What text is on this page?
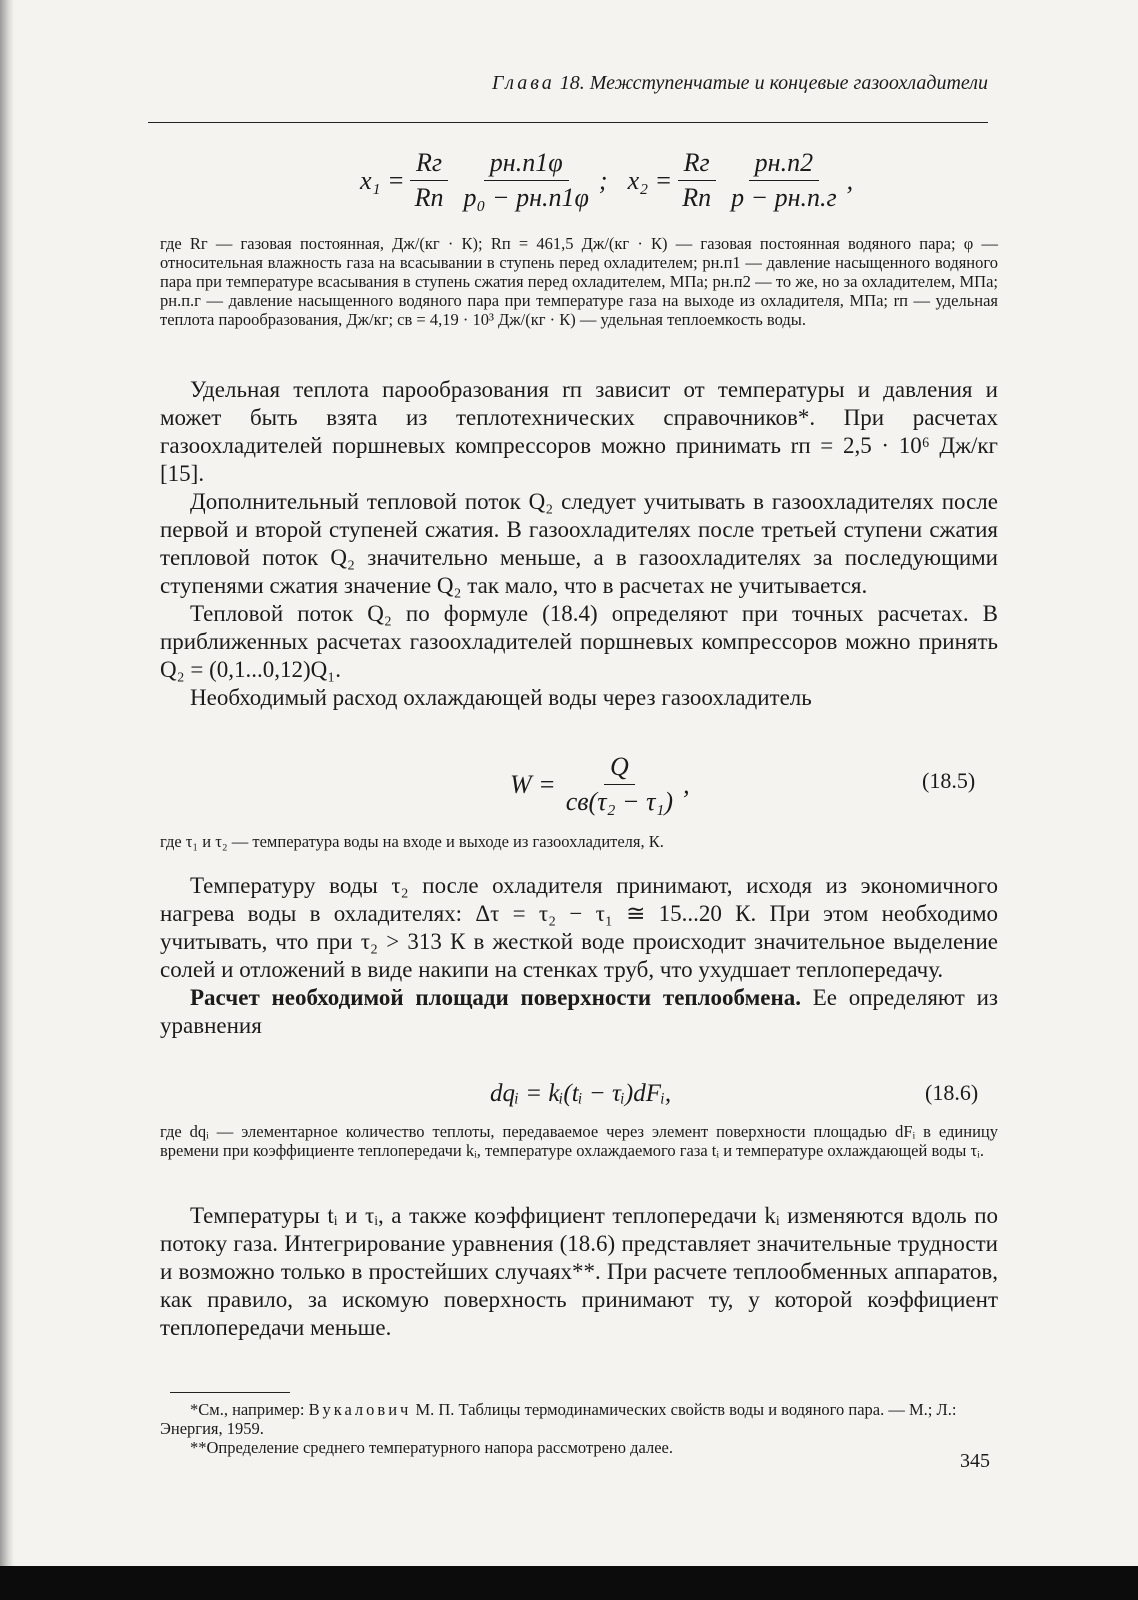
Глава 18. Межступенчатые и концевые газоохладители
$x_1 = \frac{Rг}{Rп} \frac{pн.п1\varphi}{\text{p₀ − pн.п1φ}}$ ; $x_2 = \frac{Rг}{Rп} \frac{pн.п2}{p - pн.п.г}$ ,

где Rг — газовая постоянная, Дж/(кг · К); Rп = 461,5 Дж/(кг · К) — газовая постоянная водяного пара; φ — относительная влажность газа на всасывании в ступень перед охладителем; pн.п1 — давление насыщенного водяного пара при температуре всасывания в ступень сжатия перед охладителем, МПа; pн.п2 — то же, но за охладителем, МПа; pн.п.г — давление насыщенного водяного пара при температуре газа на выходе из охладителя, МПа; rп — удельная теплота парообразования, Дж/кг; cв = 4,19 · 10³ Дж/(кг · К) — удельная теплоемкость воды.

Удельная теплота парообразования rп зависит от температуры и давления и может быть взята из теплотехнических справочников*. При расчетах газоохладителей поршневых компрессоров можно принимать rп = 2,5 · 10⁶ Дж/кг [15].

Дополнительный тепловой поток Q₂ следует учитывать в газоохладителях после первой и второй ступеней сжатия. В газоохладителях после третьей ступени сжатия тепловой поток Q₂ значительно меньше, а в газоохладителях за последующими ступенями сжатия значение Q₂ так мало, что в расчетах не учитывается.

Тепловой поток Q₂ по формуле (18.4) определяют при точных расчетах. В приближенных расчетах газоохладителей поршневых компрессоров можно принять Q₂ = (0,1...0,12)Q₁.

Необходимый расход охлаждающей воды через газоохладитель

$W = \frac{Q}{\text{cв(τ₂ − τ₁)}}$ ,	(18.5)

где τ₁ и τ₂ — температура воды на входе и выходе из газоохладителя, К.

Температуру воды τ₂ после охладителя принимают, исходя из экономичного нагрева воды в охладителях: Δτ = τ₂ − τ₁ ≅ 15...20 К. При этом необходимо учитывать, что при τ₂ > 313 К в жесткой воде происходит значительное выделение солей и отложений в виде накипи на стенках труб, что ухудшает теплопередачу.

Расчет необходимой площади поверхности теплообмена. Ее определяют из уравнения

dqᵢ = kᵢ(tᵢ − τᵢ)dFᵢ,	(18.6)

где dqᵢ — элементарное количество теплоты, передаваемое через элемент поверхности площадью dFᵢ в единицу времени при коэффициенте теплопередачи kᵢ, температуре охлаждаемого газа tᵢ и температуре охлаждающей воды τᵢ.

Температуры tᵢ и τᵢ, а также коэффициент теплопередачи kᵢ изменяются вдоль по потоку газа. Интегрирование уравнения (18.6) представляет значительные трудности и возможно только в простейших случаях**. При расчете теплообменных аппаратов, как правило, за искомую поверхность принимают ту, у которой коэффициент теплопередачи меньше.

*См., например: Вукалович М. П. Таблицы термодинамических свойств воды и водяного пара. — М.; Л.: Энергия, 1959.

**Определение среднего температурного напора рассмотрено далее.

345
